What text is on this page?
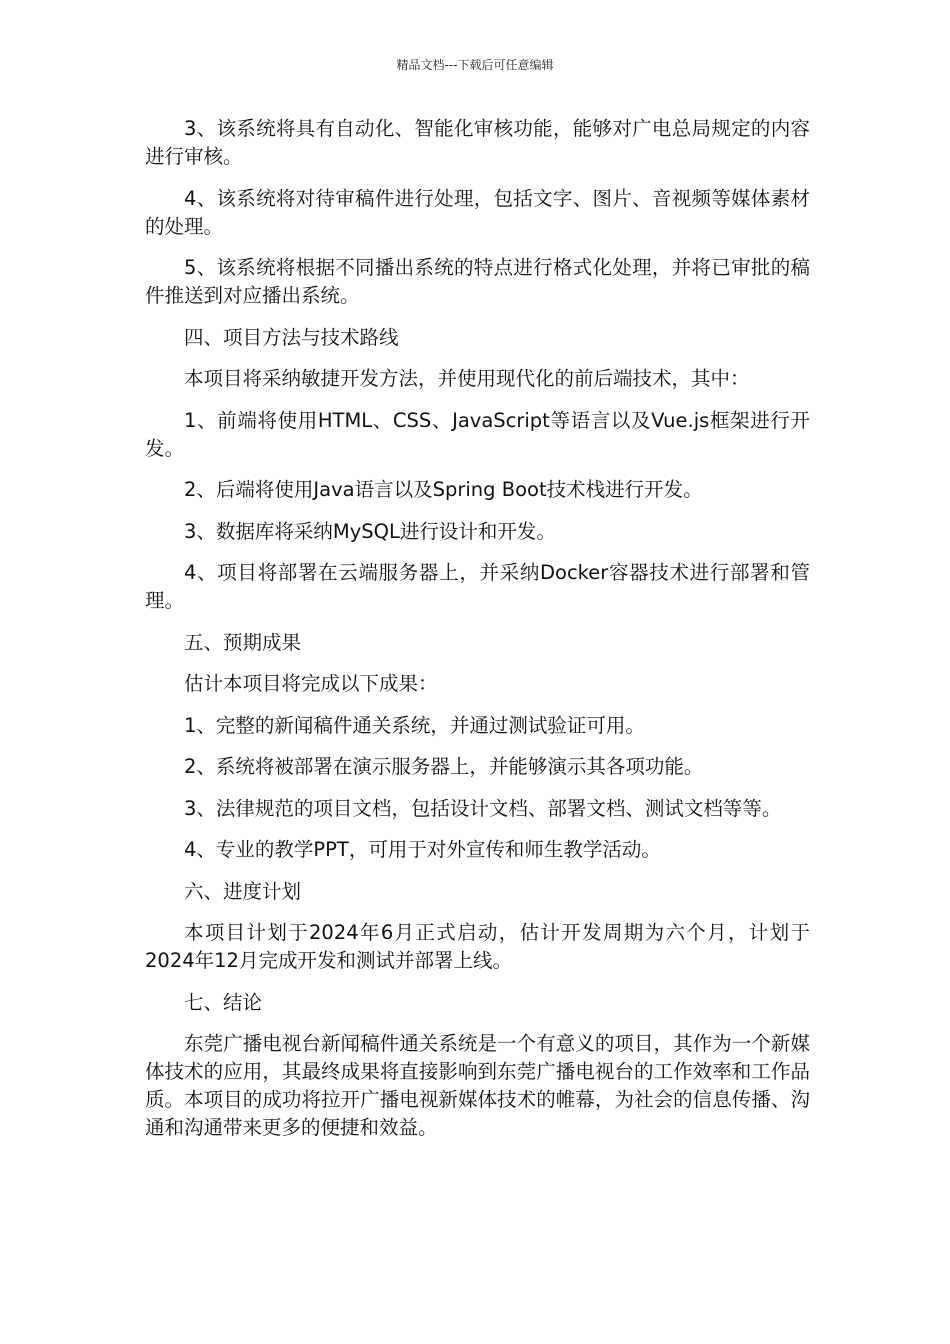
精品文档---下载后可任意编辑

3、该系统将具有自动化、智能化审核功能，能够对广电总局规定的内容进行审核。

4、该系统将对待审稿件进行处理，包括文字、图片、音视频等媒体素材的处理。

5、该系统将根据不同播出系统的特点进行格式化处理，并将已审批的稿件推送到对应播出系统。

四、项目方法与技术路线

本项目将采纳敏捷开发方法，并使用现代化的前后端技术，其中：

1、前端将使用HTML、CSS、JavaScript等语言以及Vue.js框架进行开发。

2、后端将使用Java语言以及Spring Boot技术栈进行开发。

3、数据库将采纳MySQL进行设计和开发。

4、项目将部署在云端服务器上，并采纳Docker容器技术进行部署和管理。

五、预期成果

估计本项目将完成以下成果：

1、完整的新闻稿件通关系统，并通过测试验证可用。

2、系统将被部署在演示服务器上，并能够演示其各项功能。

3、法律规范的项目文档，包括设计文档、部署文档、测试文档等等。

4、专业的教学PPT，可用于对外宣传和师生教学活动。

六、进度计划

本项目计划于2024年6月正式启动，估计开发周期为六个月，计划于2024年12月完成开发和测试并部署上线。

七、结论

东莞广播电视台新闻稿件通关系统是一个有意义的项目，其作为一个新媒体技术的应用，其最终成果将直接影响到东莞广播电视台的工作效率和工作品质。本项目的成功将拉开广播电视新媒体技术的帷幕，为社会的信息传播、沟通和沟通带来更多的便捷和效益。
